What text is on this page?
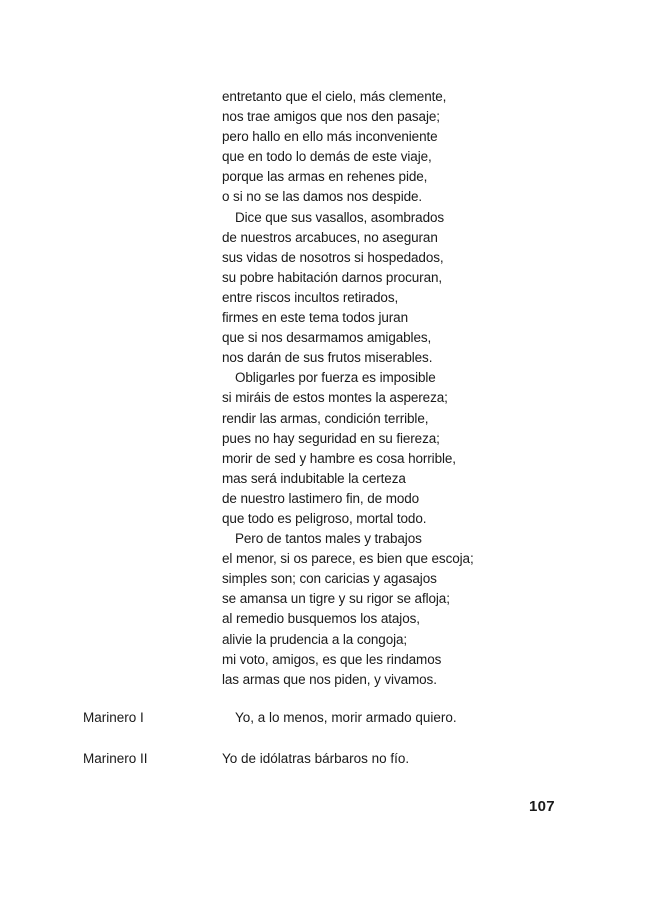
entretanto que el cielo, más clemente,
nos trae amigos que nos den pasaje;
pero hallo en ello más inconveniente
que en todo lo demás de este viaje,
porque las armas en rehenes pide,
o si no se las damos nos despide.
Dice que sus vasallos, asombrados
de nuestros arcabuces, no aseguran
sus vidas de nosotros si hospedados,
su pobre habitación darnos procuran,
entre riscos incultos retirados,
firmes en este tema todos juran
que si nos desarmamos amigables,
nos darán de sus frutos miserables.
Obligarles por fuerza es imposible
si miráis de estos montes la aspereza;
rendir las armas, condición terrible,
pues no hay seguridad en su fiereza;
morir de sed y hambre es cosa horrible,
mas será indubitable la certeza
de nuestro lastimero fin, de modo
que todo es peligroso, mortal todo.
Pero de tantos males y trabajos
el menor, si os parece, es bien que escoja;
simples son; con caricias y agasajos
se amansa un tigre y su rigor se afloja;
al remedio busquemos los atajos,
alivie la prudencia a la congoja;
mi voto, amigos, es que les rindamos
las armas que nos piden, y vivamos.
Marinero I	Yo, a lo menos, morir armado quiero.
Marinero II	Yo de idólatras bárbaros no fío.
107
